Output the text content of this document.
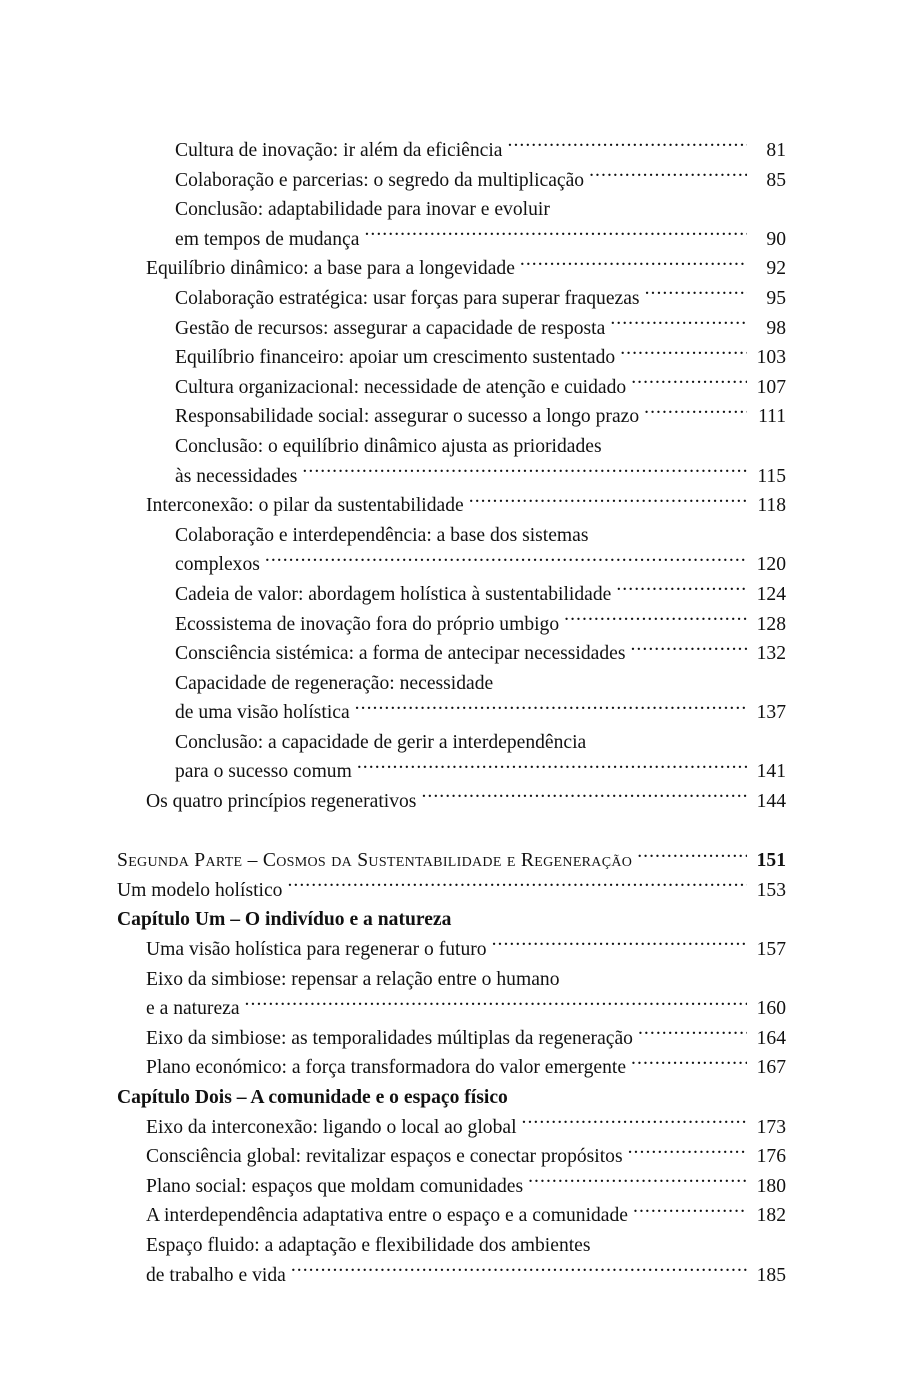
Cultura de inovação: ir além da eficiência .....	81
Colaboração e parcerias: o segredo da multiplicação .....	85
Conclusão: adaptabilidade para inovar e evoluir
em tempos de mudança .....	90
Equilíbrio dinâmico: a base para a longevidade .....	92
Colaboração estratégica: usar forças para superar fraquezas .....	95
Gestão de recursos: assegurar a capacidade de resposta .....	98
Equilíbrio financeiro: apoiar um crescimento sustentado .....	103
Cultura organizacional: necessidade de atenção e cuidado .....	107
Responsabilidade social: assegurar o sucesso a longo prazo .....	111
Conclusão: o equilíbrio dinâmico ajusta as prioridades
às necessidades .....	115
Interconexão: o pilar da sustentabilidade .....	118
Colaboração e interdependência: a base dos sistemas
complexos .....	120
Cadeia de valor: abordagem holística à sustentabilidade .....	124
Ecossistema de inovação fora do próprio umbigo .....	128
Consciência sistémica: a forma de antecipar necessidades .....	132
Capacidade de regeneração: necessidade
de uma visão holística .....	137
Conclusão: a capacidade de gerir a interdependência
para o sucesso comum .....	141
Os quatro princípios regenerativos .....	144
Segunda Parte – Cosmos da Sustentabilidade e Regeneração .....	151
Um modelo holístico .....	153
Capítulo Um – O indivíduo e a natureza
Uma visão holística para regenerar o futuro .....	157
Eixo da simbiose: repensar a relação entre o humano
e a natureza .....	160
Eixo da simbiose: as temporalidades múltiplas da regeneração .....	164
Plano económico: a força transformadora do valor emergente .....	167
Capítulo Dois – A comunidade e o espaço físico
Eixo da interconexão: ligando o local ao global .....	173
Consciência global: revitalizar espaços e conectar propósitos .....	176
Plano social: espaços que moldam comunidades .....	180
A interdependência adaptativa entre o espaço e a comunidade .....	182
Espaço fluido: a adaptação e flexibilidade dos ambientes
de trabalho e vida .....	185
